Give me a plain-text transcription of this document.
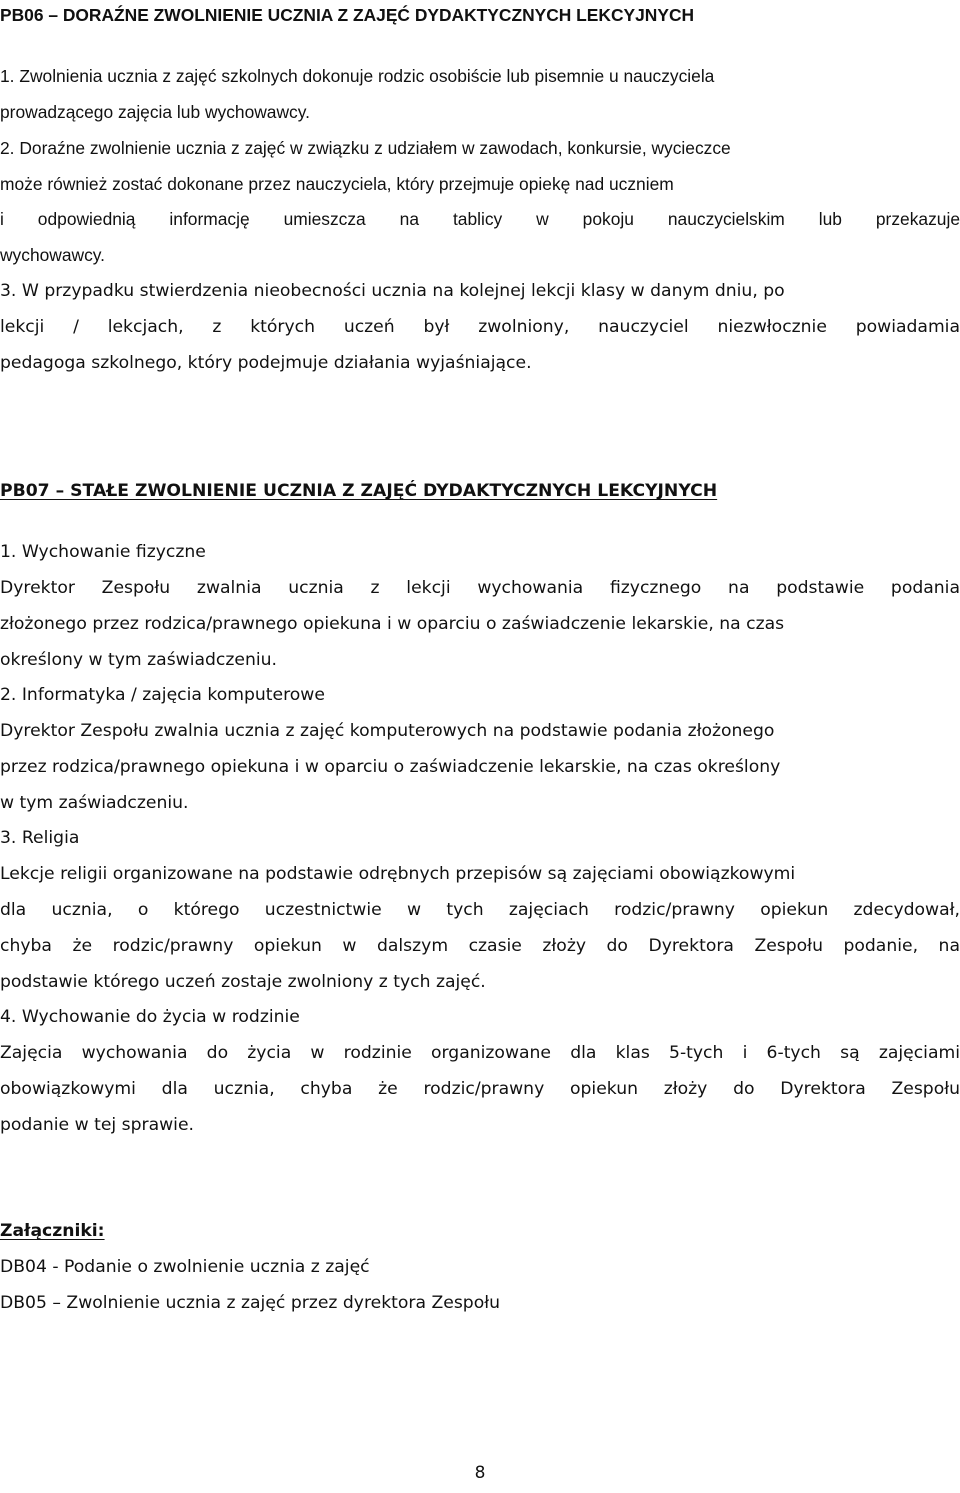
PB06 – DORAŹNE ZWOLNIENIE UCZNIA Z ZAJĘĆ DYDAKTYCZNYCH LEKCYJNYCH

1. Zwolnienia ucznia z zajęć szkolnych dokonuje rodzic osobiście lub pisemnie u nauczyciela

prowadzącego zajęcia lub wychowawcy.

2. Doraźne zwolnienie ucznia z zajęć w związku z udziałem w zawodach, konkursie, wycieczce

może również zostać dokonane przez nauczyciela, który przejmuje opiekę nad uczniem

i odpowiednią informację umieszcza na tablicy w pokoju nauczycielskim lub przekazuje

wychowawcy.

3. W przypadku stwierdzenia nieobecności ucznia na kolejnej lekcji klasy w danym dniu, po

lekcji / lekcjach, z których uczeń był zwolniony, nauczyciel niezwłocznie powiadamia

pedagoga szkolnego, który podejmuje działania wyjaśniające.

PB07 – STAŁE ZWOLNIENIE UCZNIA Z ZAJĘĆ DYDAKTYCZNYCH LEKCYJNYCH

1. Wychowanie fizyczne

Dyrektor Zespołu zwalnia ucznia z lekcji wychowania fizycznego na podstawie podania

złożonego przez rodzica/prawnego opiekuna i w oparciu o zaświadczenie lekarskie, na czas

określony w tym zaświadczeniu.

2. Informatyka / zajęcia komputerowe

Dyrektor Zespołu zwalnia ucznia z zajęć komputerowych na podstawie podania złożonego

przez rodzica/prawnego opiekuna i w oparciu o zaświadczenie lekarskie, na czas określony

w tym zaświadczeniu.

3. Religia

Lekcje religii organizowane na podstawie odrębnych przepisów są zajęciami obowiązkowymi

dla ucznia, o którego uczestnictwie w tych zajęciach rodzic/prawny opiekun zdecydował,

chyba że rodzic/prawny opiekun w dalszym czasie złoży do Dyrektora Zespołu podanie, na

podstawie którego uczeń zostaje zwolniony z tych zajęć.

4. Wychowanie do życia w rodzinie

Zajęcia wychowania do życia w rodzinie organizowane dla klas 5-tych i 6-tych są zajęciami

obowiązkowymi dla ucznia, chyba że rodzic/prawny opiekun złoży do Dyrektora Zespołu

podanie w tej sprawie.

Załączniki:

DB04 - Podanie o zwolnienie ucznia z zajęć

DB05 – Zwolnienie ucznia z zajęć przez dyrektora Zespołu

8
